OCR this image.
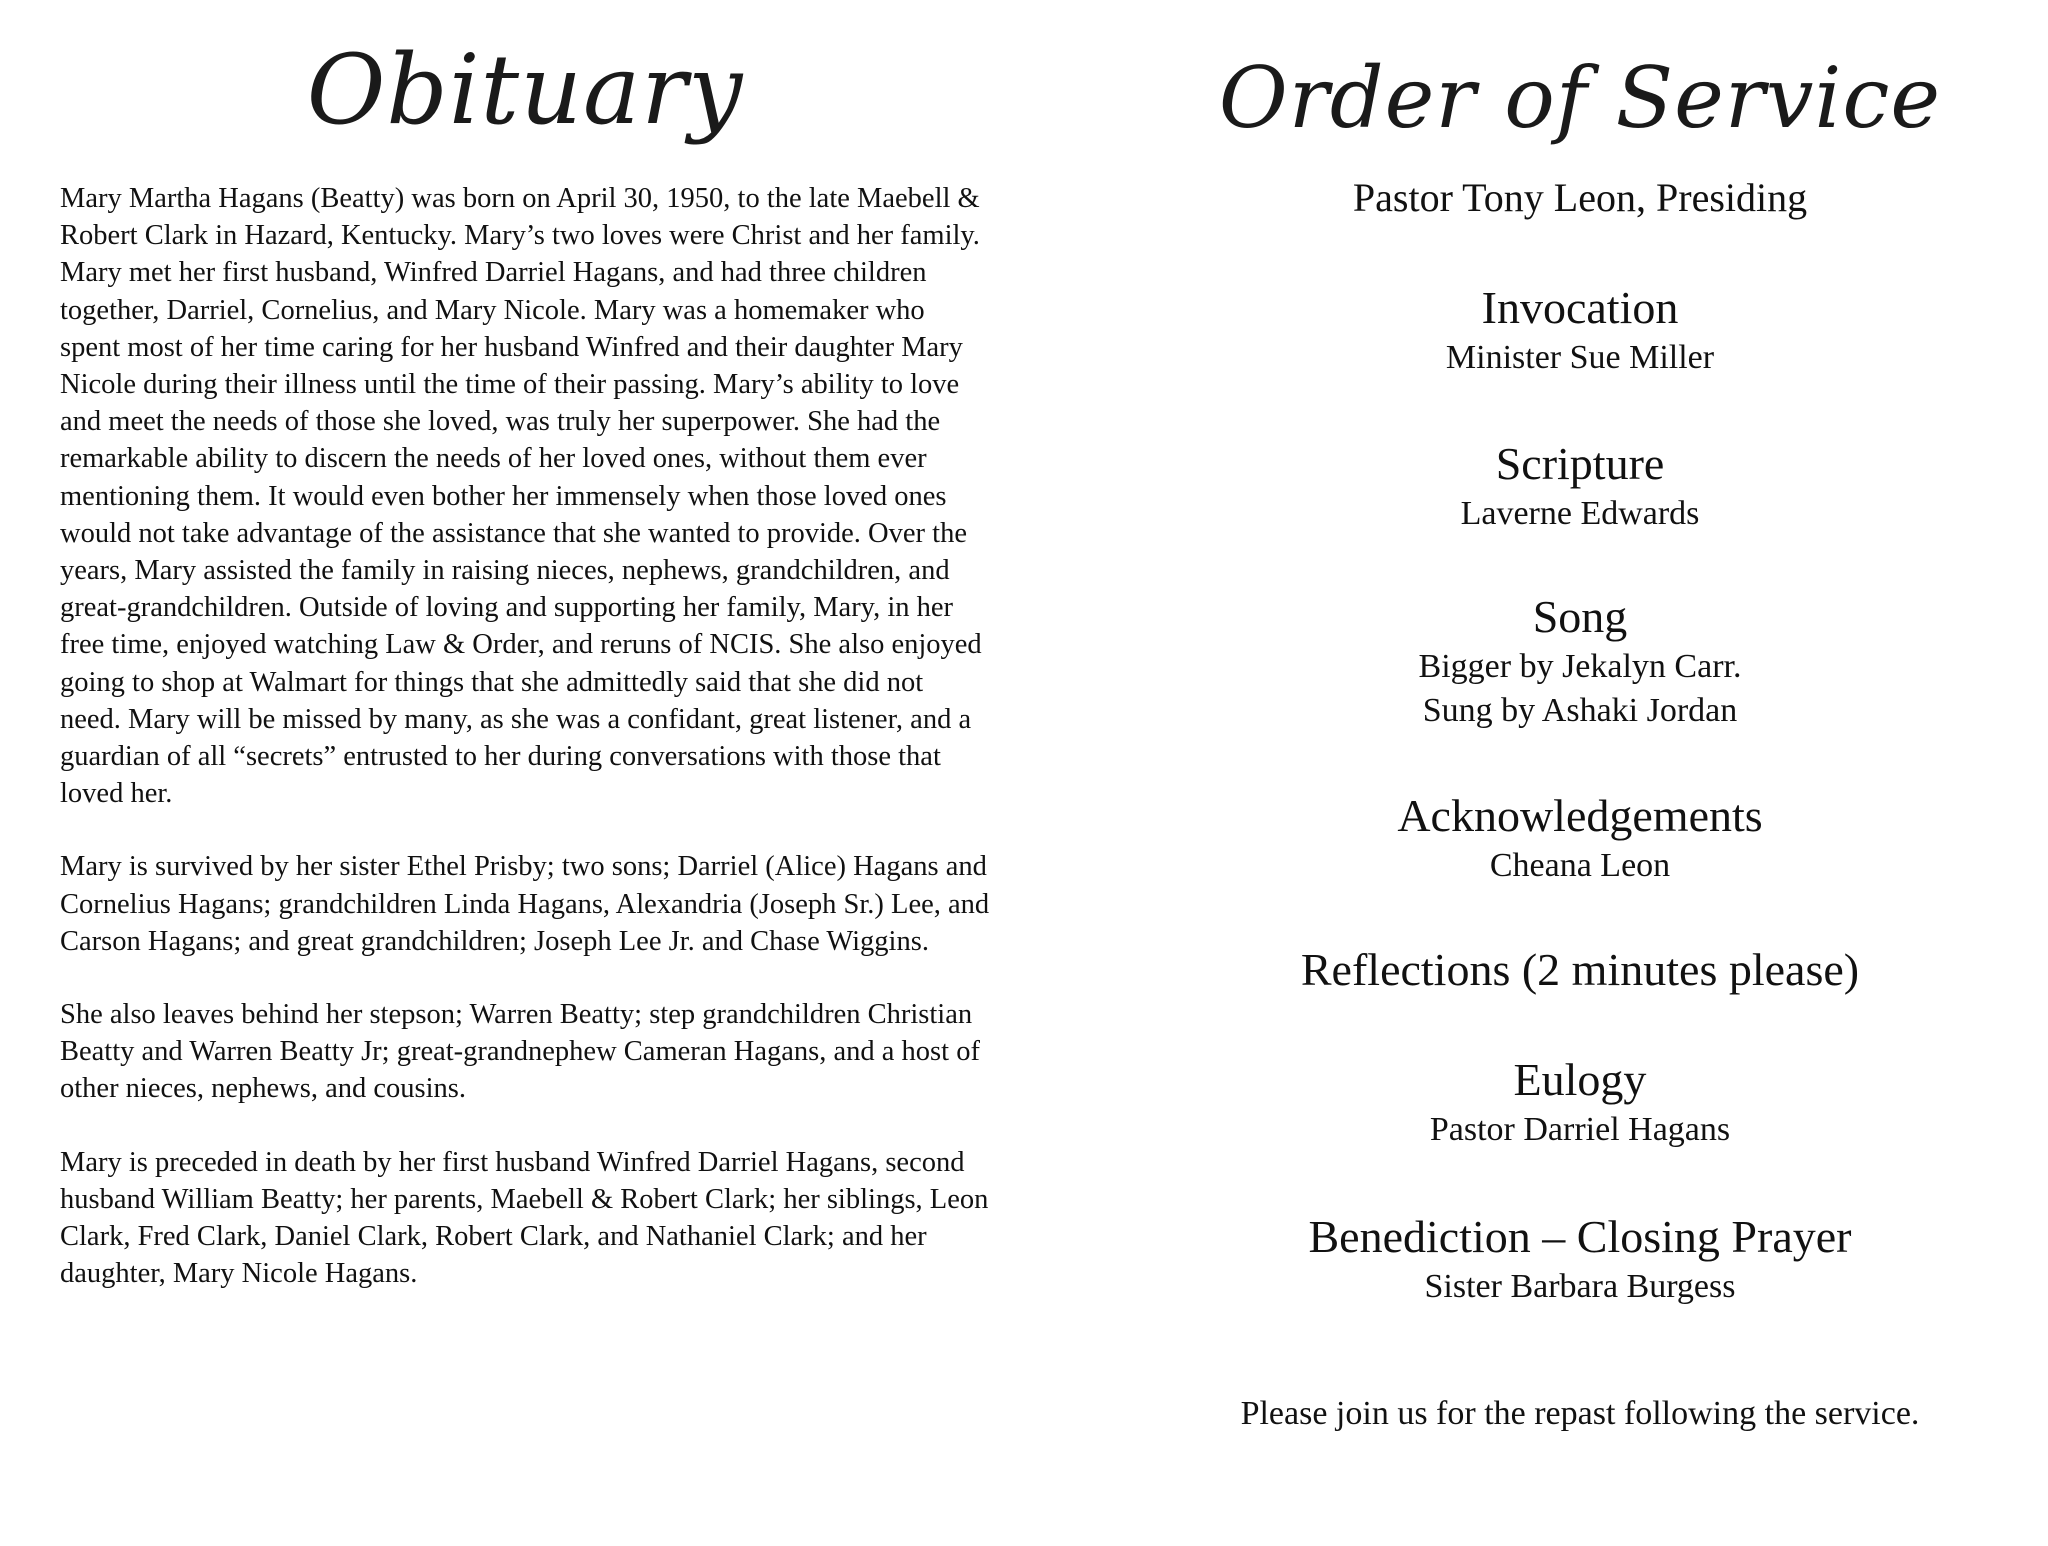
Obituary

Mary Martha Hagans (Beatty) was born on April 30, 1950, to the late Maebell & Robert Clark in Hazard, Kentucky. Mary’s two loves were Christ and her family. Mary met her first husband, Winfred Darriel Hagans, and had three children together, Darriel, Cornelius, and Mary Nicole. Mary was a homemaker who spent most of her time caring for her husband Winfred and their daughter Mary Nicole during their illness until the time of their passing. Mary’s ability to love and meet the needs of those she loved, was truly her superpower. She had the remarkable ability to discern the needs of her loved ones, without them ever mentioning them. It would even bother her immensely when those loved ones would not take advantage of the assistance that she wanted to provide. Over the years, Mary assisted the family in raising nieces, nephews, grandchildren, and great-grandchildren. Outside of loving and supporting her family, Mary, in her free time, enjoyed watching Law & Order, and reruns of NCIS. She also enjoyed going to shop at Walmart for things that she admittedly said that she did not need. Mary will be missed by many, as she was a confidant, great listener, and a guardian of all “secrets” entrusted to her during conversations with those that loved her.

Mary is survived by her sister Ethel Prisby; two sons; Darriel (Alice) Hagans and Cornelius Hagans; grandchildren Linda Hagans, Alexandria (Joseph Sr.) Lee, and Carson Hagans; and great grandchildren; Joseph Lee Jr. and Chase Wiggins.

She also leaves behind her stepson; Warren Beatty; step grandchildren Christian Beatty and Warren Beatty Jr; great-grandnephew Cameran Hagans, and a host of other nieces, nephews, and cousins.

Mary is preceded in death by her first husband Winfred Darriel Hagans, second husband William Beatty; her parents, Maebell & Robert Clark; her siblings, Leon Clark, Fred Clark, Daniel Clark, Robert Clark, and Nathaniel Clark; and her daughter, Mary Nicole Hagans.

Order of Service
Pastor Tony Leon, Presiding
Invocation
Minister Sue Miller
Scripture
Laverne Edwards
Song
Bigger by Jekalyn Carr.
Sung by Ashaki Jordan
Acknowledgements
Cheana Leon
Reflections (2 minutes please)
Eulogy
Pastor Darriel Hagans
Benediction – Closing Prayer
Sister Barbara Burgess
Please join us for the repast following the service.
